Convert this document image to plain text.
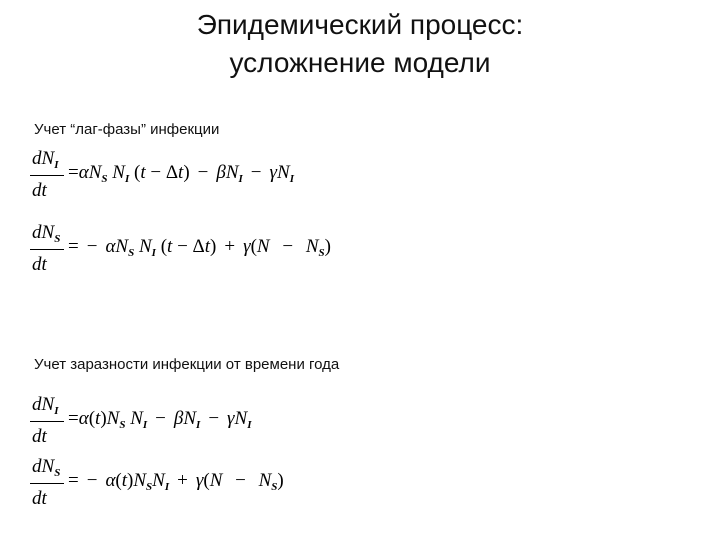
Эпидемический процесс:
усложнение модели
Учет “лаг-фазы” инфекции
$dN_I$
dt
$=\alpha N_S$ $N_I$ $(t - \Delta t) - \beta N_I - \gamma N_I$
$dN_S$
dt
= − $\alpha N_S$ $N_I$ $(t - \Delta t) + \gamma(N - N_S)$
Учет заразности инфекции от времени года
$dN_I$
dt
$=\alpha(t)N_S$ $N_I - \beta N_I - \gamma N_I$
$dN_S$
dt
= − $\alpha(t)N_SN_I + \gamma(N - N_S)$
